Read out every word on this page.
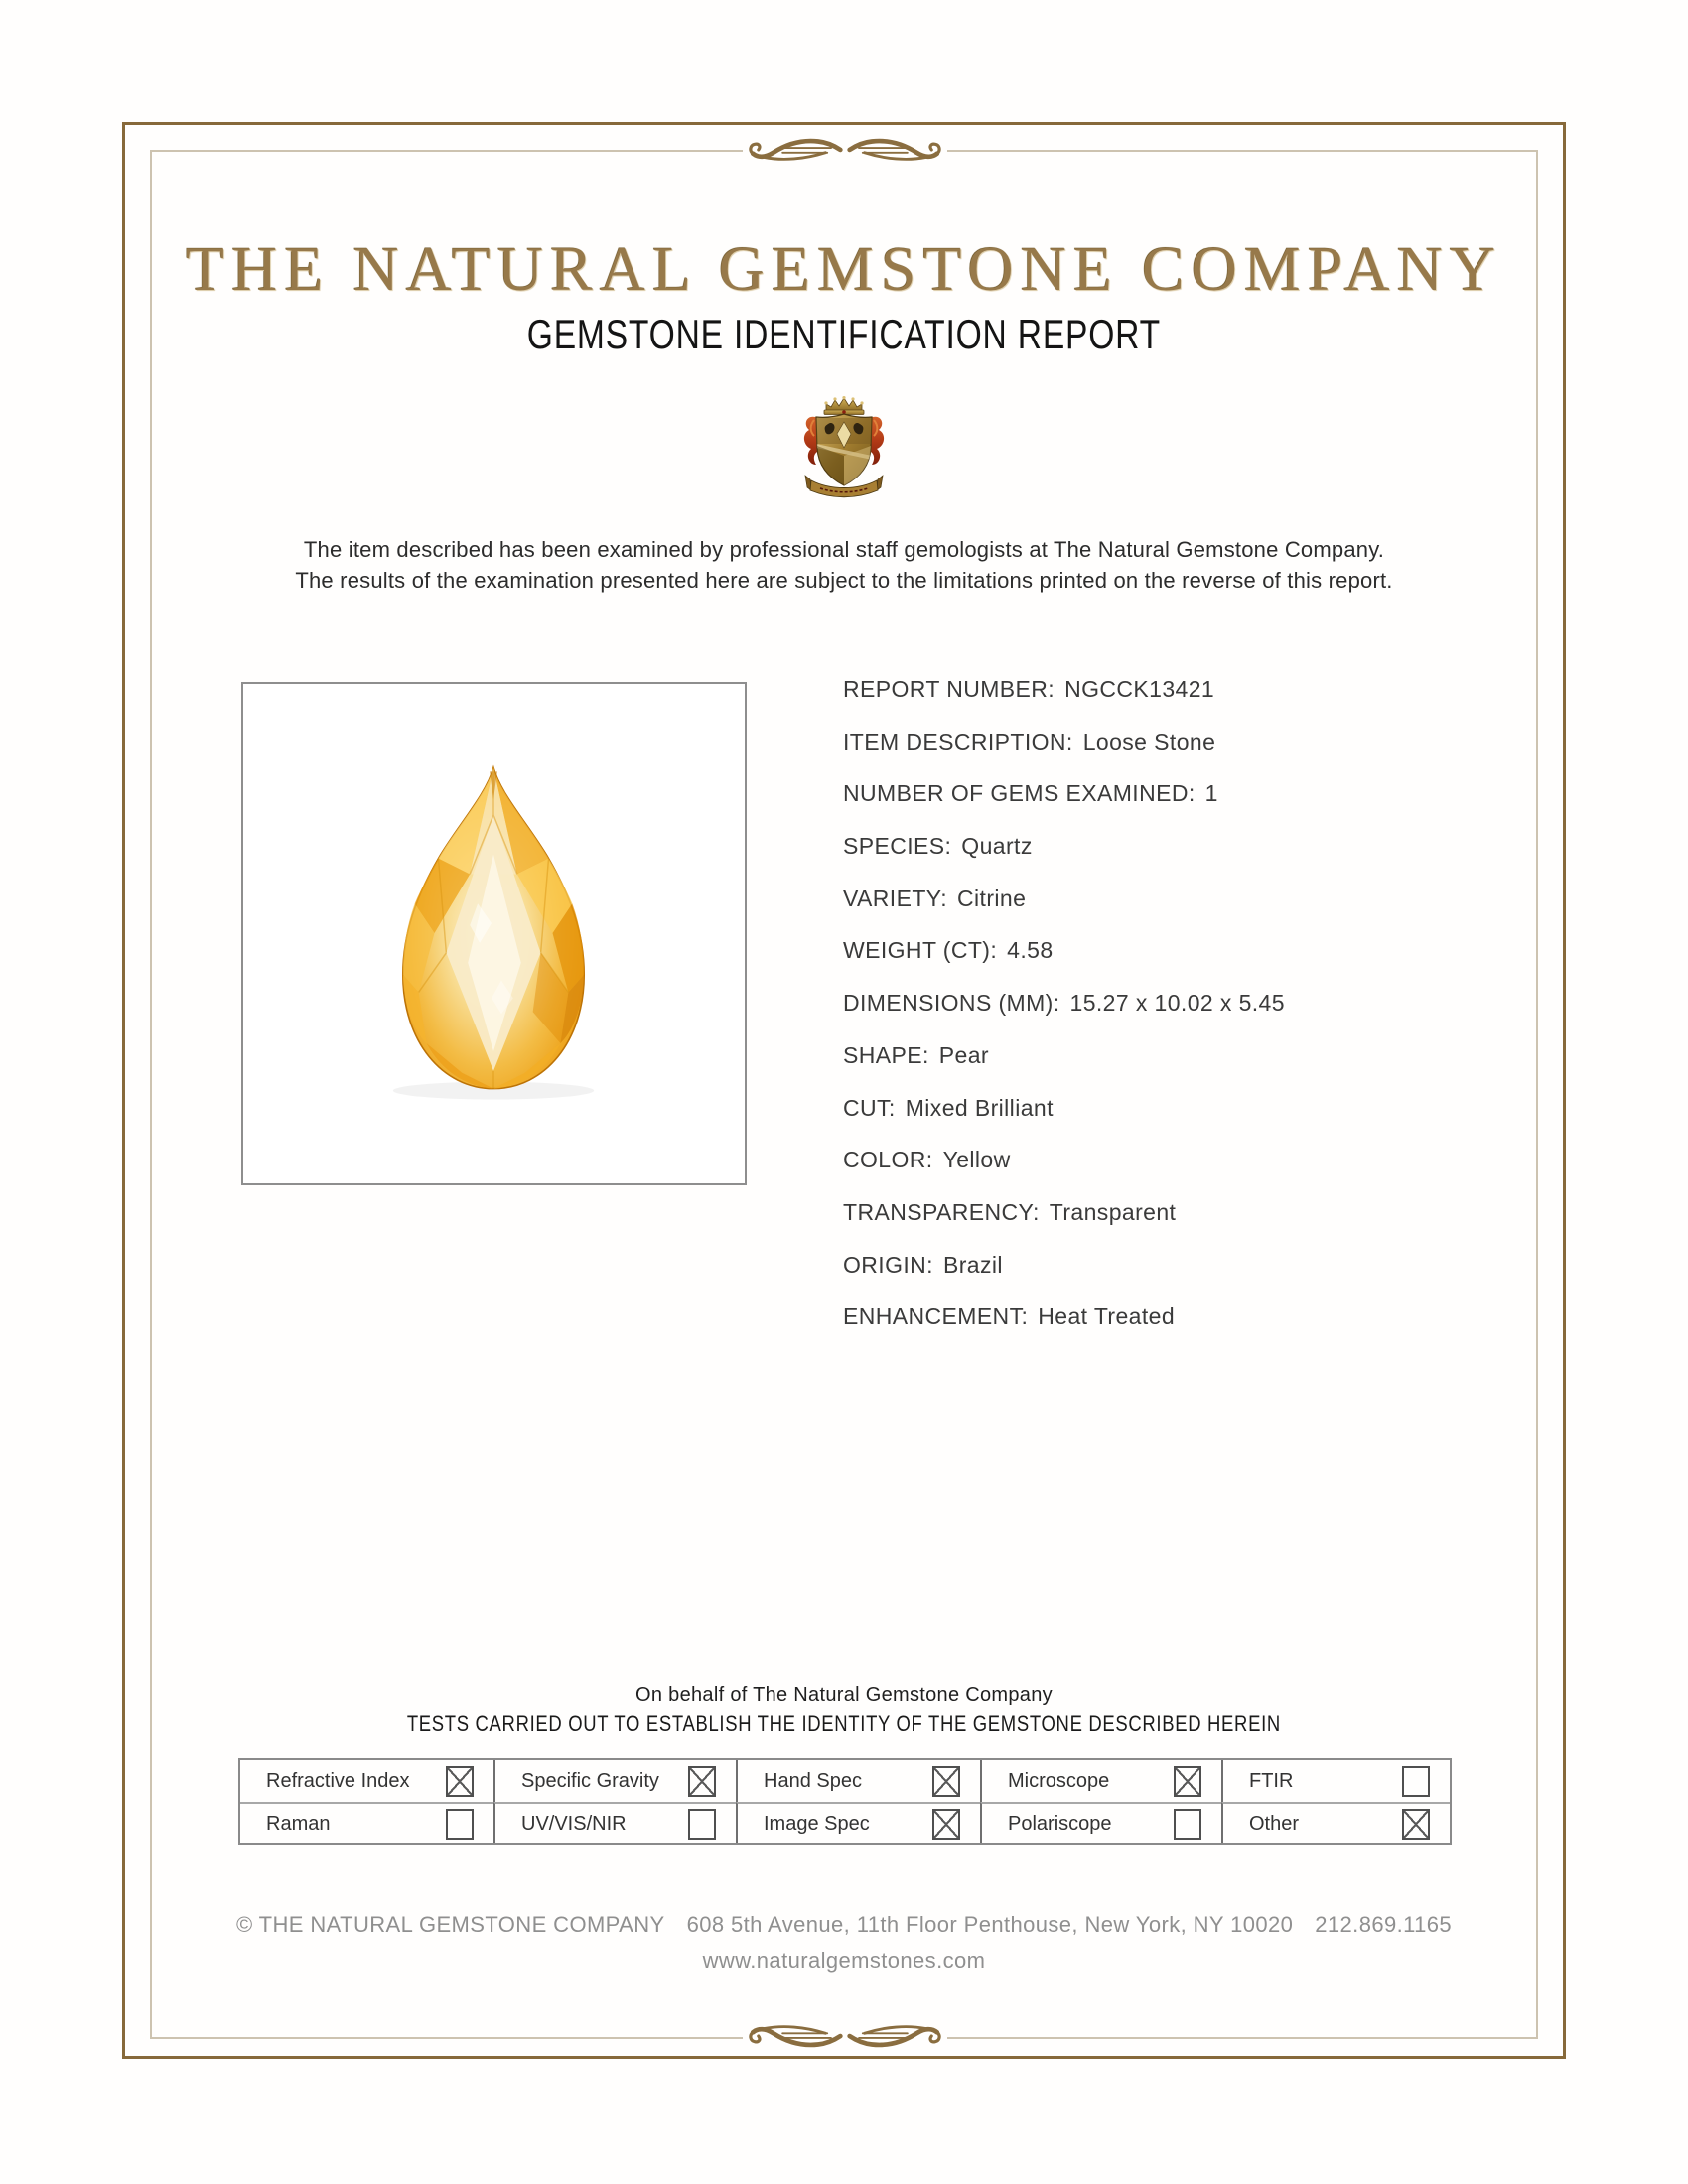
THE NATURAL GEMSTONE COMPANY
GEMSTONE IDENTIFICATION REPORT
The item described has been examined by professional staff gemologists at The Natural Gemstone Company.
The results of the examination presented here are subject to the limitations printed on the reverse of this report.
REPORT NUMBER: NGCCK13421
ITEM DESCRIPTION: Loose Stone
NUMBER OF GEMS EXAMINED: 1
SPECIES: Quartz
VARIETY: Citrine
WEIGHT (CT): 4.58
DIMENSIONS (MM): 15.27 x 10.02 x 5.45
SHAPE: Pear
CUT: Mixed Brilliant
COLOR: Yellow
TRANSPARENCY: Transparent
ORIGIN: Brazil
ENHANCEMENT: Heat Treated
On behalf of The Natural Gemstone Company
TESTS CARRIED OUT TO ESTABLISH THE IDENTITY OF THE GEMSTONE DESCRIBED HEREIN
Refractive Index	Specific Gravity	Hand Spec	Microscope	FTIR
Raman	UV/VIS/NIR	Image Spec	Polariscope	Other
© THE NATURAL GEMSTONE COMPANY 608 5th Avenue, 11th Floor Penthouse, New York, NY 10020 212.869.1165
www.naturalgemstones.com
